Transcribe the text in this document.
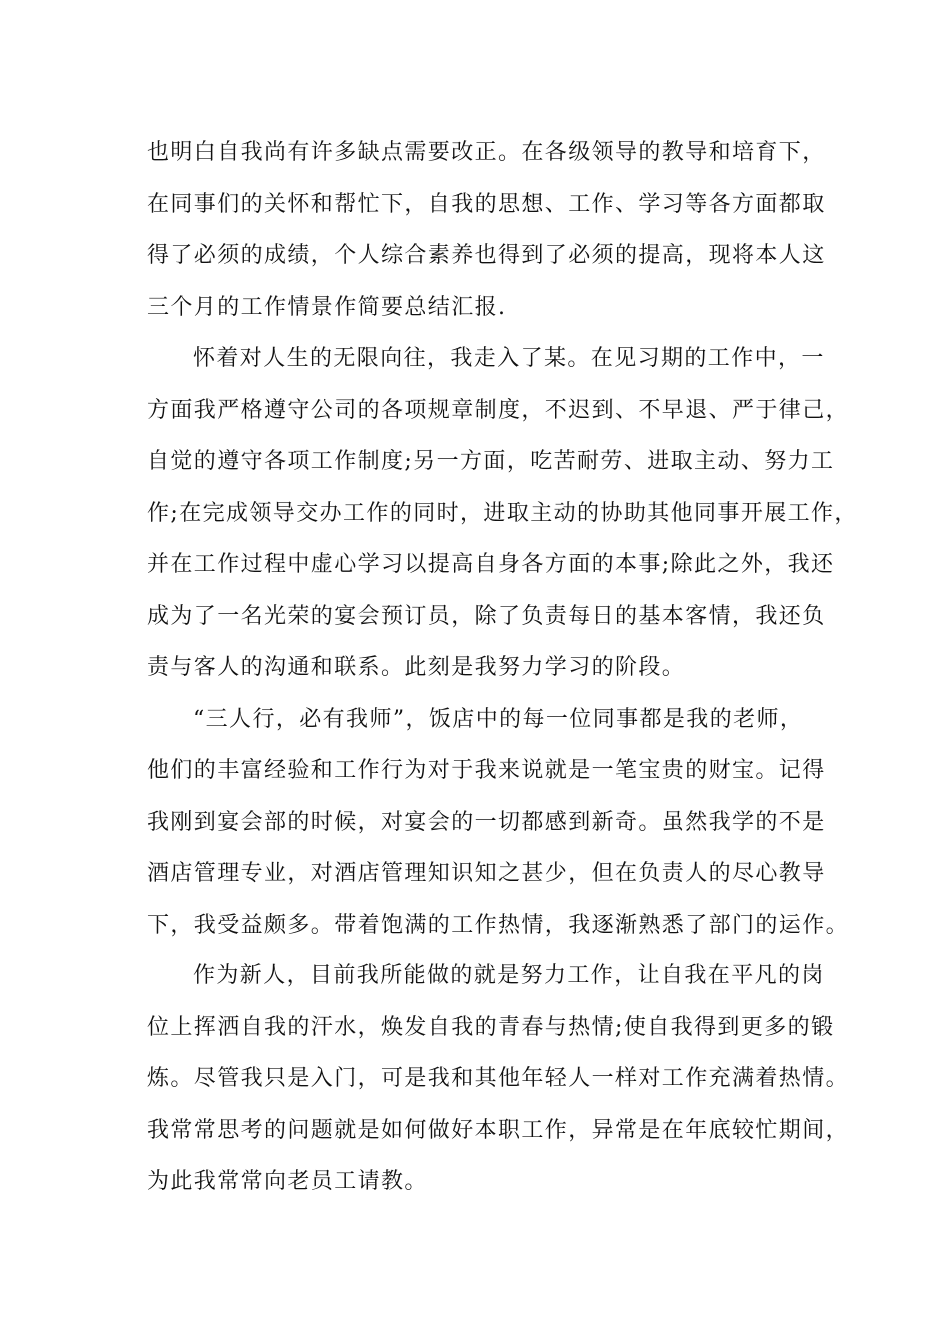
也明白自我尚有许多缺点需要改正。在各级领导的教导和培育下，
在同事们的关怀和帮忙下，自我的思想、工作、学习等各方面都取
得了必须的成绩，个人综合素养也得到了必须的提高，现将本人这
三个月的工作情景作简要总结汇报.
怀着对人生的无限向往，我走入了某。在见习期的工作中，一
方面我严格遵守公司的各项规章制度，不迟到、不早退、严于律己，
自觉的遵守各项工作制度;另一方面，吃苦耐劳、进取主动、努力工
作;在完成领导交办工作的同时，进取主动的协助其他同事开展工作，
并在工作过程中虚心学习以提高自身各方面的本事;除此之外，我还
成为了一名光荣的宴会预订员，除了负责每日的基本客情，我还负
责与客人的沟通和联系。此刻是我努力学习的阶段。
“三人行，必有我师”，饭店中的每一位同事都是我的老师，
他们的丰富经验和工作行为对于我来说就是一笔宝贵的财宝。记得
我刚到宴会部的时候，对宴会的一切都感到新奇。虽然我学的不是
酒店管理专业，对酒店管理知识知之甚少，但在负责人的尽心教导
下，我受益颇多。带着饱满的工作热情，我逐渐熟悉了部门的运作。
作为新人，目前我所能做的就是努力工作，让自我在平凡的岗
位上挥洒自我的汗水，焕发自我的青春与热情;使自我得到更多的锻
炼。尽管我只是入门，可是我和其他年轻人一样对工作充满着热情。
我常常思考的问题就是如何做好本职工作，异常是在年底较忙期间，
为此我常常向老员工请教。
